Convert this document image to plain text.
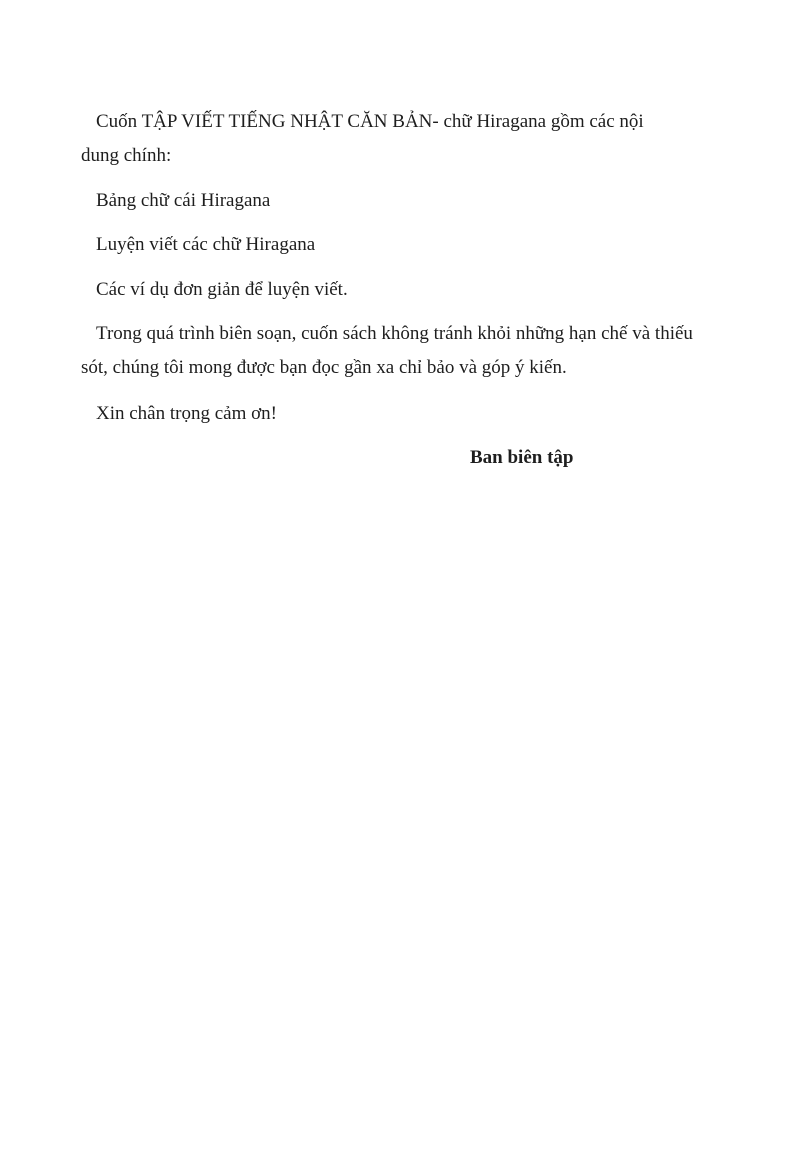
Cuốn TẬP VIẾT TIẾNG NHẬT CĂN BẢN- chữ Hiragana gồm các nội

dung chính:

Bảng chữ cái Hiragana

Luyện viết các chữ Hiragana

Các ví dụ đơn giản để luyện viết.

Trong quá trình biên soạn, cuốn sách không tránh khỏi những hạn chế và thiếu

sót, chúng tôi mong được bạn đọc gần xa chỉ bảo và góp ý kiến.

Xin chân trọng cảm ơn!

Ban biên tập
